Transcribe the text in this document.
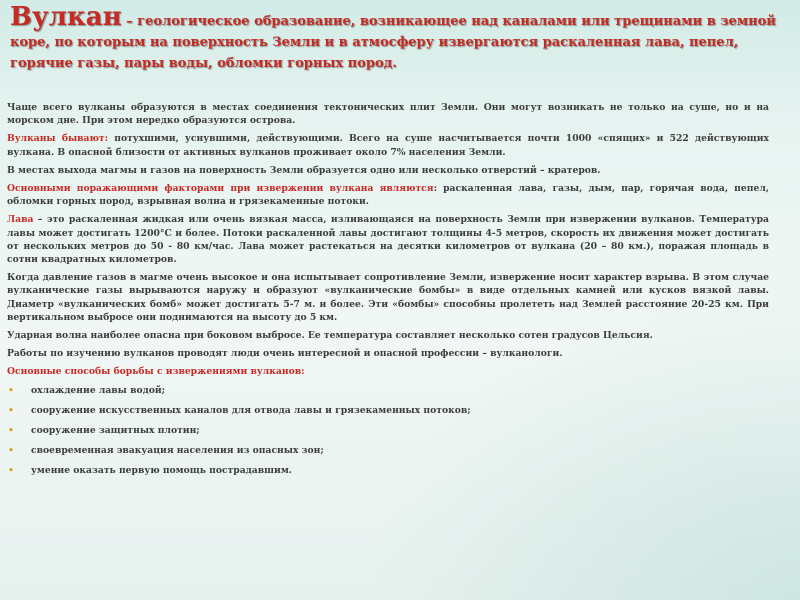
Вулкан – геологическое образование, возникающее над каналами или трещинами в земной коре, по которым на поверхность Земли и в атмосферу извергаются раскаленная лава, пепел, горячие газы, пары воды, обломки горных пород.

Чаще всего вулканы образуются в местах соединения тектонических плит Земли. Они могут возникать не только на суше, но и на морском дне. При этом нередко образуются острова.

Вулканы бывают: потухшими, уснувшими, действующими. Всего на суше насчитывается почти 1000 «спящих» и 522 действующих вулкана. В опасной близости от активных вулканов проживает около 7% населения Земли.

В местах выхода магмы и газов на поверхность Земли образуется одно или несколько отверстий – кратеров.

Основными поражающими факторами при извержении вулкана являются: раскаленная лава, газы, дым, пар, горячая вода, пепел, обломки горных пород, взрывная волна и грязекаменные потоки.

Лава – это раскаленная жидкая или очень вязкая масса, изливающаяся на поверхность Земли при извержении вулканов. Температура лавы может достигать 1200°С и более. Потоки раскаленной лавы достигают толщины 4-5 метров, скорость их движения может достигать от нескольких метров до 50 - 80 км/час. Лава может растекаться на десятки километров от вулкана (20 – 80 км.), поражая площадь в сотни квадратных километров.

Когда давление газов в магме очень высокое и она испытывает сопротивление Земли, извержение носит характер взрыва. В этом случае вулканические газы вырываются наружу и образуют «вулканические бомбы» в виде отдельных камней или кусков вязкой лавы. Диаметр «вулканических бомб» может достигать 5-7 м. и более. Эти «бомбы» способны пролететь над Землей расстояние 20-25 км. При вертикальном выбросе они поднимаются на высоту до 5 км.

Ударная волна наиболее опасна при боковом выбросе. Ее температура составляет несколько сотен градусов Цельсия.

Работы по изучению вулканов проводят люди очень интересной и опасной профессии – вулканологи.

Основные способы борьбы с извержениями вулканов:

• охлаждение лавы водой;
• сооружение искусственных каналов для отвода лавы и грязекаменных потоков;
• сооружение защитных плотин;
• своевременная эвакуация населения из опасных зон;
• умение оказать первую помощь пострадавшим.
